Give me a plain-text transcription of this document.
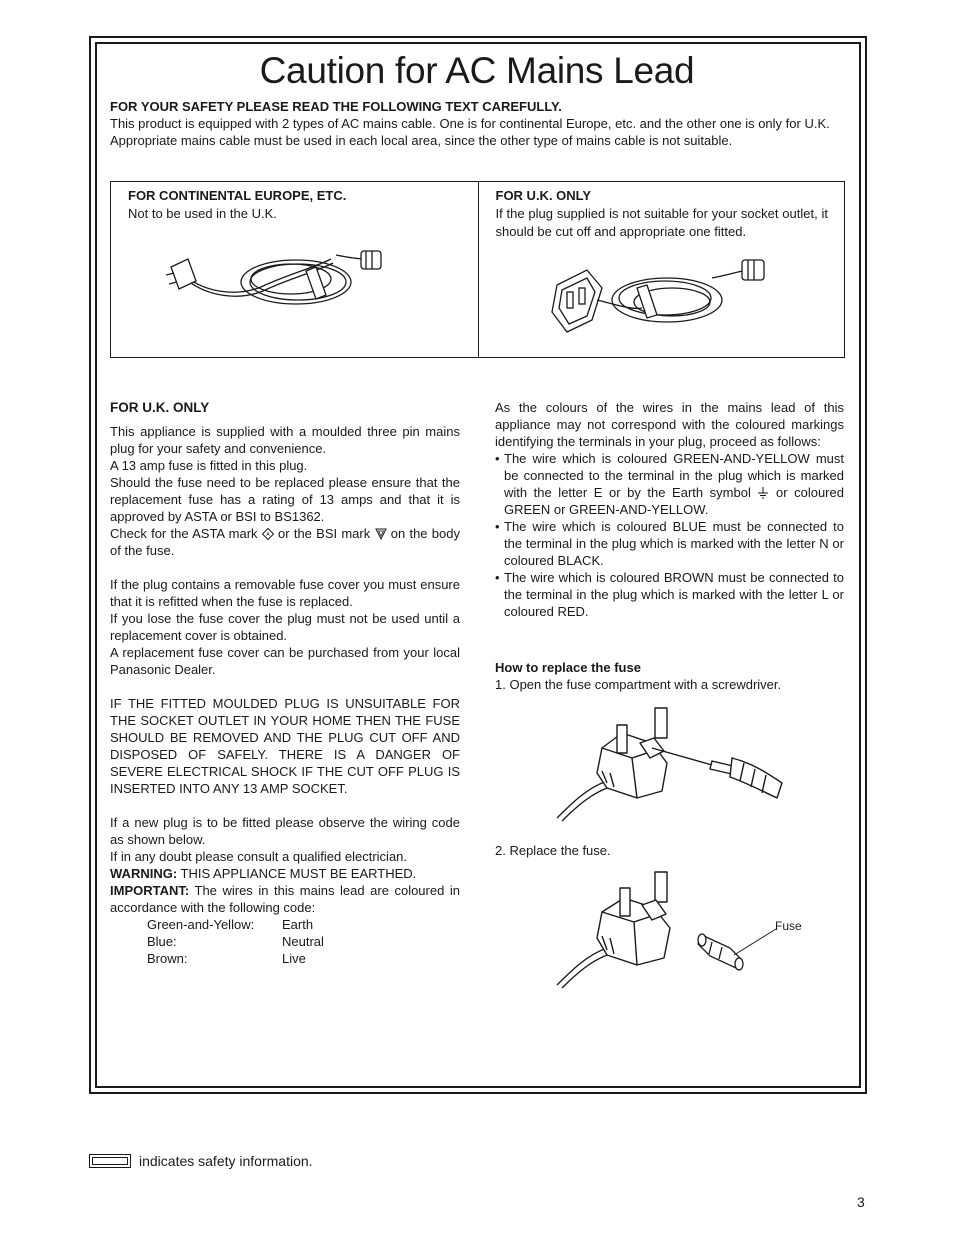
Caution for AC Mains Lead

FOR YOUR SAFETY PLEASE READ THE FOLLOWING TEXT CAREFULLY.

This product is equipped with 2 types of AC mains cable. One is for continental Europe, etc. and the other one is only for U.K.

Appropriate mains cable must be used in each local area, since the other type of mains cable is not suitable.

FOR CONTINENTAL EUROPE, ETC.

Not to be used in the U.K.

FOR U.K. ONLY

If the plug supplied is not suitable for your socket outlet, it should be cut off and appropriate one fitted.

FOR U.K. ONLY

This appliance is supplied with a moulded three pin mains plug for your safety and convenience.

A 13 amp fuse is fitted in this plug.

Should the fuse need to be replaced please ensure that the replacement fuse has a rating of 13 amps and that it is approved by ASTA or BSI to BS1362.

Check for the ASTA mark A or the BSI mark on the body of the fuse.

If the plug contains a removable fuse cover you must ensure that it is refitted when the fuse is replaced.

If you lose the fuse cover the plug must not be used until a replacement cover is obtained.

A replacement fuse cover can be purchased from your local Panasonic Dealer.

IF THE FITTED MOULDED PLUG IS UNSUITABLE FOR THE SOCKET OUTLET IN YOUR HOME THEN THE FUSE SHOULD BE REMOVED AND THE PLUG CUT OFF AND DISPOSED OF SAFELY. THERE IS A DANGER OF SEVERE ELECTRICAL SHOCK IF THE CUT OFF PLUG IS INSERTED INTO ANY 13 AMP SOCKET.

If a new plug is to be fitted please observe the wiring code as shown below.

If in any doubt please consult a qualified electrician.

WARNING: THIS APPLIANCE MUST BE EARTHED.

IMPORTANT: The wires in this mains lead are coloured in accordance with the following code:

Green-and-Yellow:	Earth
Blue:	Neutral
Brown:	Live

As the colours of the wires in the mains lead of this appliance may not correspond with the coloured markings identifying the terminals in your plug, proceed as follows:

• The wire which is coloured GREEN-AND-YELLOW must be connected to the terminal in the plug which is marked with the letter E or by the Earth symbol or coloured GREEN or GREEN-AND-YELLOW.
• The wire which is coloured BLUE must be connected to the terminal in the plug which is marked with the letter N or coloured BLACK.
• The wire which is coloured BROWN must be connected to the terminal in the plug which is marked with the letter L or coloured RED.

How to replace the fuse

1. Open the fuse compartment with a screwdriver.

2. Replace the fuse.

Fuse
indicates safety information.
3
